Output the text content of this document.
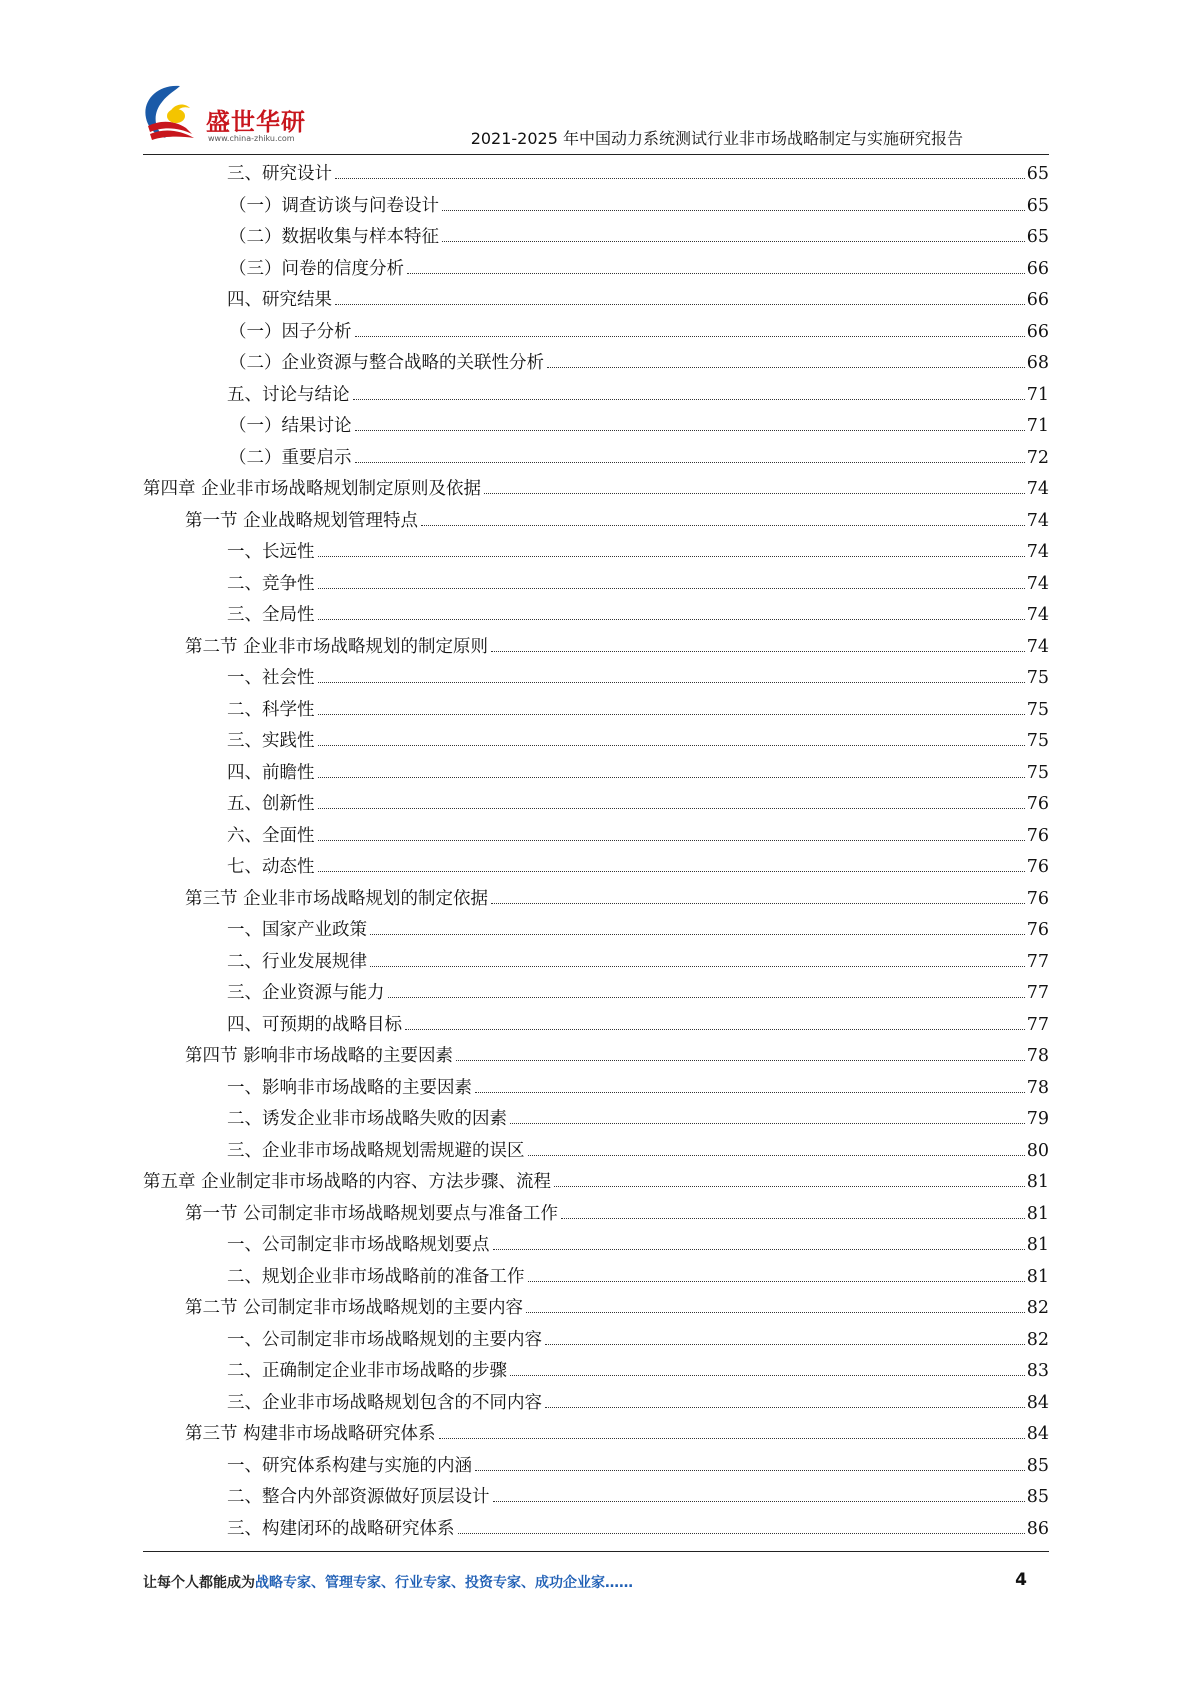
盛世华研
www.china-zhiku.com	2021-2025 年中国动力系统测试行业非市场战略制定与实施研究报告
三、研究设计	65
（一）调查访谈与问卷设计	65
（二）数据收集与样本特征	65
（三）问卷的信度分析	66
四、研究结果	66
（一）因子分析	66
（二）企业资源与整合战略的关联性分析	68
五、讨论与结论	71
（一）结果讨论	71
（二）重要启示	72
第四章 企业非市场战略规划制定原则及依据	74
第一节 企业战略规划管理特点	74
一、长远性	74
二、竞争性	74
三、全局性	74
第二节 企业非市场战略规划的制定原则	74
一、社会性	75
二、科学性	75
三、实践性	75
四、前瞻性	75
五、创新性	76
六、全面性	76
七、动态性	76
第三节 企业非市场战略规划的制定依据	76
一、国家产业政策	76
二、行业发展规律	77
三、企业资源与能力	77
四、可预期的战略目标	77
第四节 影响非市场战略的主要因素	78
一、影响非市场战略的主要因素	78
二、诱发企业非市场战略失败的因素	79
三、企业非市场战略规划需规避的误区	80
第五章 企业制定非市场战略的内容、方法步骤、流程	81
第一节 公司制定非市场战略规划要点与准备工作	81
一、公司制定非市场战略规划要点	81
二、规划企业非市场战略前的准备工作	81
第二节 公司制定非市场战略规划的主要内容	82
一、公司制定非市场战略规划的主要内容	82
二、正确制定企业非市场战略的步骤	83
三、企业非市场战略规划包含的不同内容	84
第三节 构建非市场战略研究体系	84
一、研究体系构建与实施的内涵	85
二、整合内外部资源做好顶层设计	85
三、构建闭环的战略研究体系	86
让每个人都能成为战略专家、管理专家、行业专家、投资专家、成功企业家……	4
